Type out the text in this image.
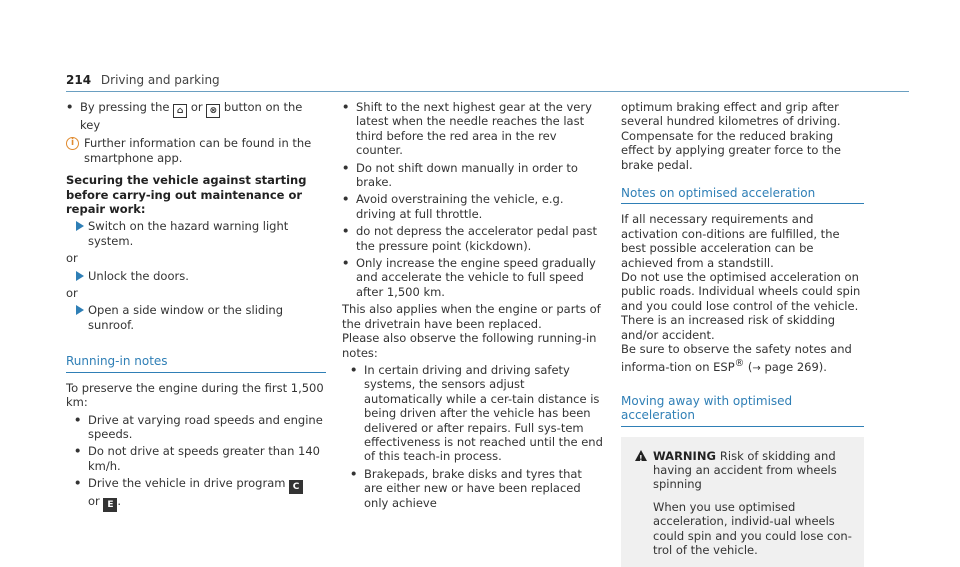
214 Driving and parking
• By pressing the ⌂ or ⊗ button on the key
i Further information can be found in the smartphone app.

Securing the vehicle against starting before carry-ing out maintenance or repair work:

Switch on the hazard warning light system.

or

Unlock the doors.

or

Open a side window or the sliding sunroof.
Running-in notes

To preserve the engine during the first 1,500 km:

• Drive at varying road speeds and engine speeds.
• Do not drive at speeds greater than 140 km/h.
• Drive the vehicle in drive program C
or E .
• Shift to the next highest gear at the very latest when the needle reaches the last third before the red area in the rev counter.
• Do not shift down manually in order to brake.
• Avoid overstraining the vehicle, e.g. driving at full throttle.
• do not depress the accelerator pedal past the pressure point (kickdown).
• Only increase the engine speed gradually and accelerate the vehicle to full speed after 1,500 km.

This also applies when the engine or parts of the drivetrain have been replaced.

Please also observe the following running-in notes:

• In certain driving and driving safety systems, the sensors adjust automatically while a cer-tain distance is being driven after the vehicle has been delivered or after repairs. Full sys-tem effectiveness is not reached until the end of this teach-in process.
• Brakepads, brake disks and tyres that are either new or have been replaced only achieve

optimum braking effect and grip after several hundred kilometres of driving. Compensate for the reduced braking effect by applying greater force to the brake pedal.

Notes on optimised acceleration

If all necessary requirements and activation con-ditions are fulfilled, the best possible acceleration can be achieved from a standstill.

Do not use the optimised acceleration on public roads. Individual wheels could spin and you could lose control of the vehicle. There is an increased risk of skidding and/or accident.

Be sure to observe the safety notes and informa-tion on ESP® (→ page 269).

Moving away with optimised acceleration
! WARNING Risk of skidding and having an accident from wheels spinning
When you use optimised acceleration, individ-ual wheels could spin and you could lose con-trol of the vehicle.
